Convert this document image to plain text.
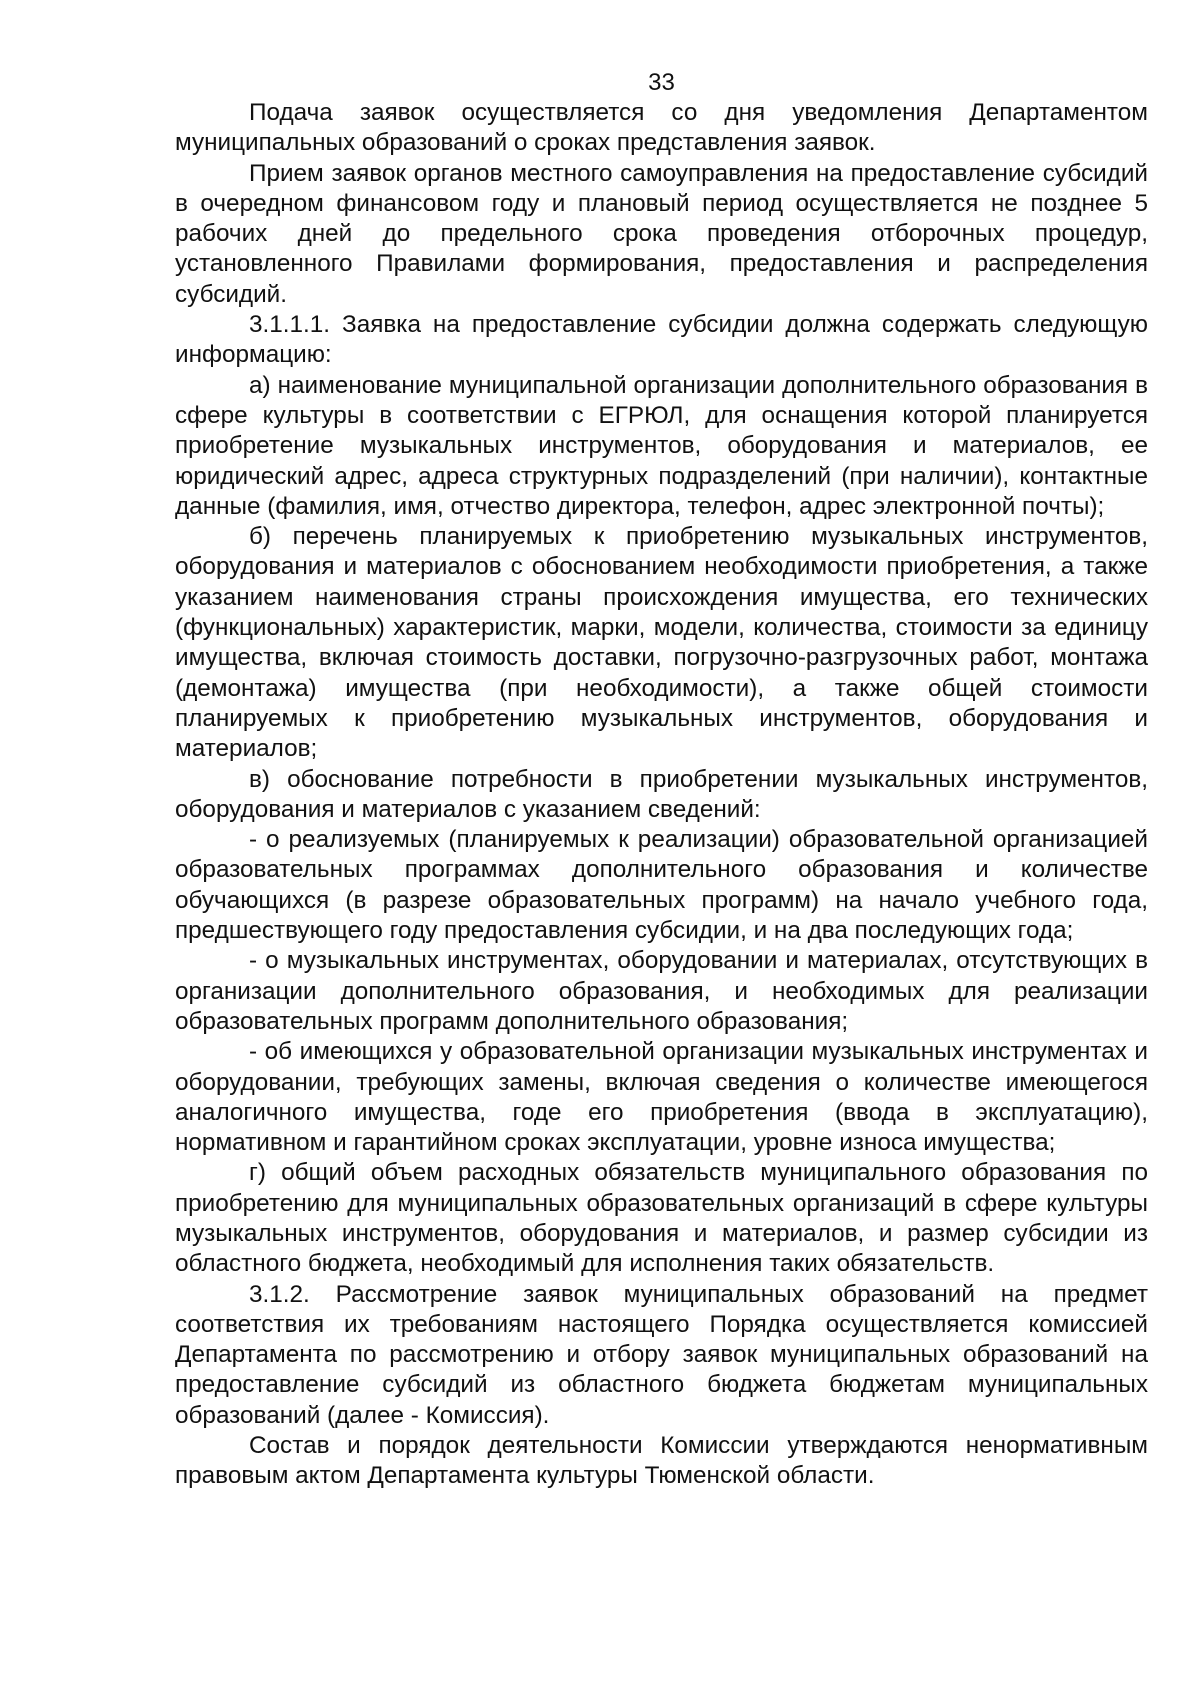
33

Подача заявок осуществляется со дня уведомления Департаментом муниципальных образований о сроках представления заявок.

Прием заявок органов местного самоуправления на предоставление субсидий в очередном финансовом году и плановый период осуществляется не позднее 5 рабочих дней до предельного срока проведения отборочных процедур, установленного Правилами формирования, предоставления и распределения субсидий.

3.1.1.1. Заявка на предоставление субсидии должна содержать следующую информацию:

а) наименование муниципальной организации дополнительного образования в сфере культуры в соответствии с ЕГРЮЛ, для оснащения которой планируется приобретение музыкальных инструментов, оборудования и материалов, ее юридический адрес, адреса структурных подразделений (при наличии), контактные данные (фамилия, имя, отчество директора, телефон, адрес электронной почты);

б) перечень планируемых к приобретению музыкальных инструментов, оборудования и материалов с обоснованием необходимости приобретения, а также указанием наименования страны происхождения имущества, его технических (функциональных) характеристик, марки, модели, количества, стоимости за единицу имущества, включая стоимость доставки, погрузочно-разгрузочных работ, монтажа (демонтажа) имущества (при необходимости), а также общей стоимости планируемых к приобретению музыкальных инструментов, оборудования и материалов;

в) обоснование потребности в приобретении музыкальных инструментов, оборудования и материалов с указанием сведений:

- о реализуемых (планируемых к реализации) образовательной организацией образовательных программах дополнительного образования и количестве обучающихся (в разрезе образовательных программ) на начало учебного года, предшествующего году предоставления субсидии, и на два последующих года;

- о музыкальных инструментах, оборудовании и материалах, отсутствующих в организации дополнительного образования, и необходимых для реализации образовательных программ дополнительного образования;

- об имеющихся у образовательной организации музыкальных инструментах и оборудовании, требующих замены, включая сведения о количестве имеющегося аналогичного имущества, годе его приобретения (ввода в эксплуатацию), нормативном и гарантийном сроках эксплуатации, уровне износа имущества;

г) общий объем расходных обязательств муниципального образования по приобретению для муниципальных образовательных организаций в сфере культуры музыкальных инструментов, оборудования и материалов, и размер субсидии из областного бюджета, необходимый для исполнения таких обязательств.

3.1.2. Рассмотрение заявок муниципальных образований на предмет соответствия их требованиям настоящего Порядка осуществляется комиссией Департамента по рассмотрению и отбору заявок муниципальных образований на предоставление субсидий из областного бюджета бюджетам муниципальных образований (далее - Комиссия).

Состав и порядок деятельности Комиссии утверждаются ненормативным правовым актом Департамента культуры Тюменской области.
